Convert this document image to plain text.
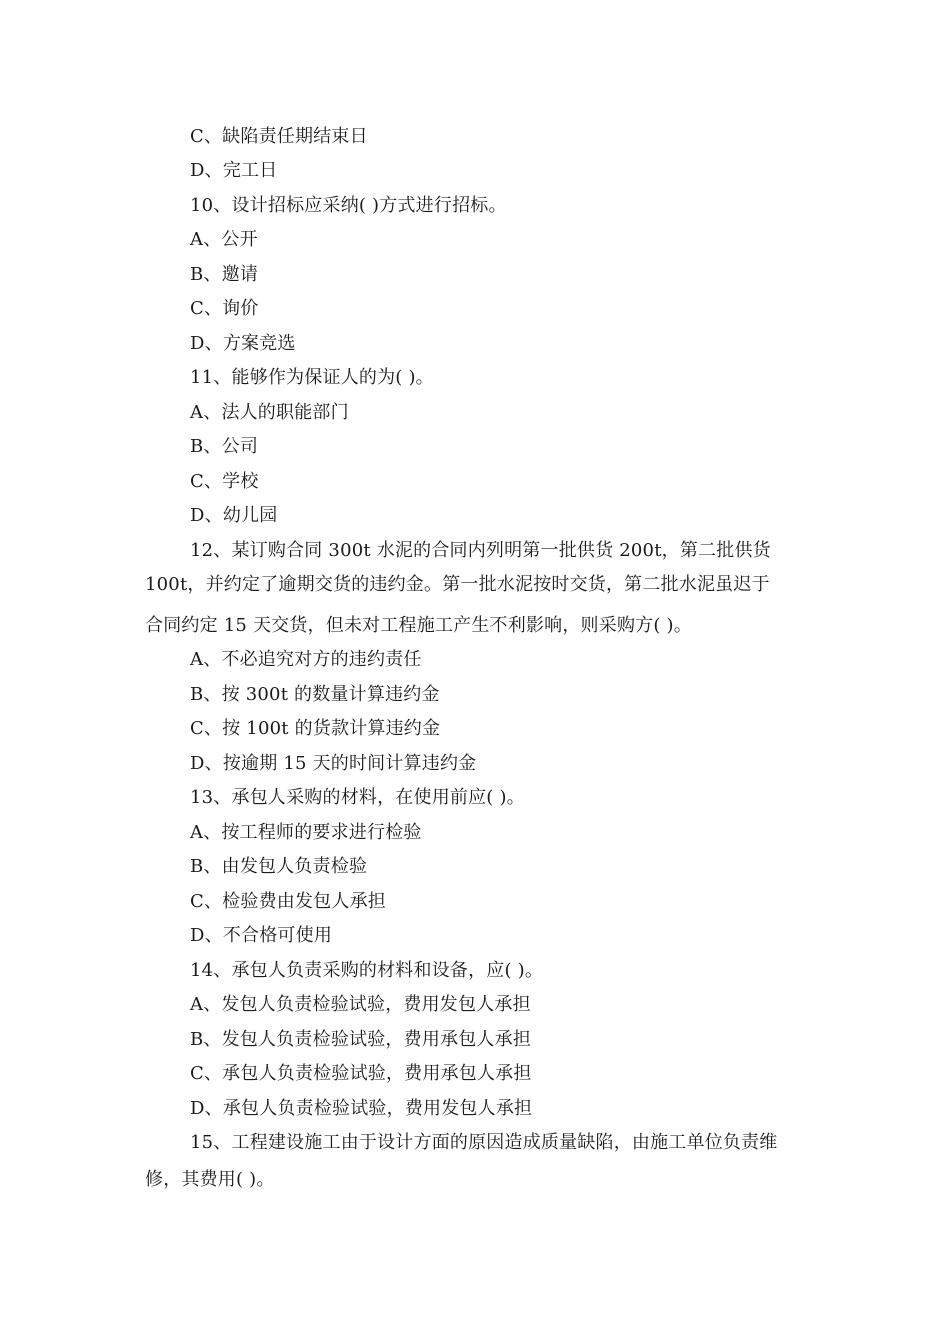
C、缺陷责任期结束日
D、完工日
10、设计招标应采纳( )方式进行招标。
A、公开
B、邀请
C、询价
D、方案竞选
11、能够作为保证人的为( )。
A、法人的职能部门
B、公司
C、学校
D、幼儿园
12、某订购合同 300t 水泥的合同内列明第一批供货 200t，第二批供货
100t，并约定了逾期交货的违约金。第一批水泥按时交货，第二批水泥虽迟于
合同约定 15 天交货，但未对工程施工产生不利影响，则采购方( )。
A、不必追究对方的违约责任
B、按 300t 的数量计算违约金
C、按 100t 的货款计算违约金
D、按逾期 15 天的时间计算违约金
13、承包人采购的材料，在使用前应( )。
A、按工程师的要求进行检验
B、由发包人负责检验
C、检验费由发包人承担
D、不合格可使用
14、承包人负责采购的材料和设备，应( )。
A、发包人负责检验试验，费用发包人承担
B、发包人负责检验试验，费用承包人承担
C、承包人负责检验试验，费用承包人承担
D、承包人负责检验试验，费用发包人承担
15、工程建设施工由于设计方面的原因造成质量缺陷，由施工单位负责维
修，其费用( )。
